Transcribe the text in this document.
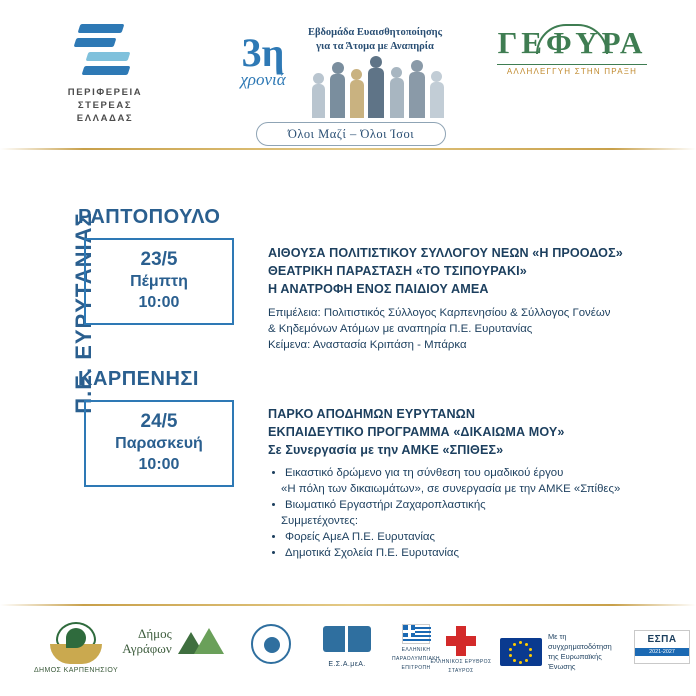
ΠΕΡΙΦΕΡΕΙΑ
ΣΤΕΡΕΑΣ
ΕΛΛΑΔΑΣ
Εβδομάδα Ευαισθητοποίησης
για τα Άτομα με Αναπηρία
3η
χρονιά
Όλοι Μαζί – Όλοι Ίσοι
ΓΕΦΥΡΑ
ΑΛΛΗΛΕΓΓΥΗ ΣΤΗΝ ΠΡΑΞΗ
Π.Ε. ΕΥΡΥΤΑΝΙΑΣ
ΡΑΠΤΟΠΟΥΛΟ
23/5
Πέμπτη
10:00
ΑΙΘΟΥΣΑ ΠΟΛΙΤΙΣΤΙΚΟΥ ΣΥΛΛΟΓΟΥ ΝΕΩΝ «Η ΠΡΟΟΔΟΣ»
ΘΕΑΤΡΙΚΗ ΠΑΡΑΣΤΑΣΗ «ΤΟ ΤΣΙΠΟΥΡΑΚΙ»
Η ΑΝΑΤΡΟΦΗ ΕΝΟΣ ΠΑΙΔΙΟΥ ΑΜΕΑ
Επιμέλεια: Πολιτιστικός Σύλλογος Καρπενησίου & Σύλλογος Γονέων
& Κηδεμόνων Ατόμων με αναπηρία Π.Ε. Ευρυτανίας
Κείμενα: Αναστασία Κριπάση - Μπάρκα
ΚΑΡΠΕΝΗΣΙ
24/5
Παρασκευή
10:00
ΠΑΡΚΟ ΑΠΟΔΗΜΩΝ ΕΥΡΥΤΑΝΩΝ
ΕΚΠΑΙΔΕΥΤΙΚΟ ΠΡΟΓΡΑΜΜΑ «ΔΙΚΑΙΩΜΑ ΜΟΥ»
Σε Συνεργασία με την ΑΜΚΕ «ΣΠΙΘΕΣ»
• Εικαστικό δρώμενο για τη σύνθεση του ομαδικού έργου
«Η πόλη των δικαιωμάτων», σε συνεργασία με την ΑΜΚΕ «Σπίθες»
• Βιωματικό Εργαστήρι Ζαχαροπλαστικής
Συμμετέχοντες:
• Φορείς ΑμεΑ Π.Ε. Ευρυτανίας
• Δημοτικά Σχολεία Π.Ε. Ευρυτανίας
ΔΗΜΟΣ ΚΑΡΠΕΝΗΣΙΟΥ
Δήμος
Αγράφων
Ε.Σ.Α.μεΑ.
ΕΛΛΗΝΙΚΗ ΠΑΡΑΟΛΥΜΠΙΑΚΗ ΕΠΙΤΡΟΠΗ
ΕΛΛΗΝΙΚΟΣ ΕΡΥΘΡΟΣ ΣΤΑΥΡΟΣ
Με τη συγχρηματοδότηση
της Ευρωπαϊκής Ένωσης
ΕΣΠΑ
2021-2027
